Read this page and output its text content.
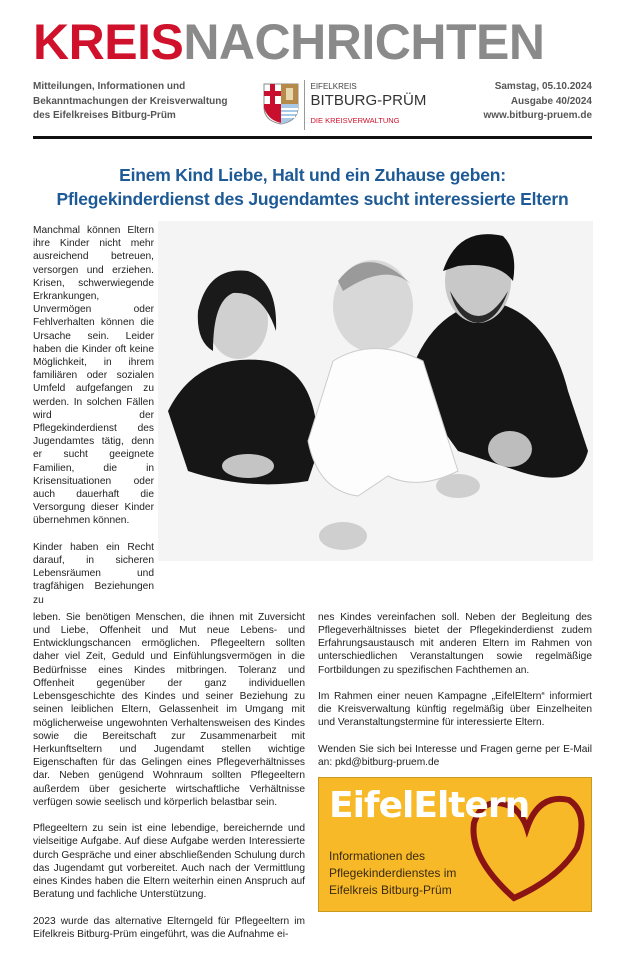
KREISNACHRICHTEN
Mitteilungen, Informationen und
Bekanntmachungen der Kreisverwaltung
des Eifelkreises Bitburg-Prüm
EIFELKREIS
BITBURG-PRÜM
DIE KREISVERWALTUNG
Samstag, 05.10.2024
Ausgabe 40/2024
www.bitburg-pruem.de
Einem Kind Liebe, Halt und ein Zuhause geben:
Pflegekinderdienst des Jugendamtes sucht interessierte Eltern

Manchmal können Eltern ihre Kinder nicht mehr ausreichend betreuen, versorgen und erziehen. Krisen, schwerwiegende Erkrankungen, Unvermögen oder Fehlverhalten können die Ursache sein. Leider haben die Kinder oft keine Möglichkeit, in ihrem familiären oder sozialen Umfeld aufgefangen zu werden. In solchen Fällen wird der Pflegekinderdienst des Jugendamtes tätig, denn er sucht geeignete Familien, die in Krisensituationen oder auch dauerhaft die Versorgung dieser Kinder übernehmen können.

Kinder haben ein Recht darauf, in sicheren Lebensräumen und tragfähigen Beziehungen zu

leben. Sie benötigen Menschen, die ihnen mit Zuversicht und Liebe, Offenheit und Mut neue Lebens- und Entwicklungschancen ermöglichen. Pflegeeltern sollten daher viel Zeit, Geduld und Einfühlungsvermögen in die Bedürfnisse eines Kindes mitbringen. Toleranz und Offenheit gegenüber der ganz individuellen Lebensgeschichte des Kindes und seiner Beziehung zu seinen leiblichen Eltern, Gelassenheit im Umgang mit möglicherweise ungewohnten Verhaltensweisen des Kindes sowie die Bereitschaft zur Zusammenarbeit mit Herkunftseltern und Jugendamt stellen wichtige Eigenschaften für das Gelingen eines Pflegeverhältnisses dar. Neben genügend Wohnraum sollten Pflegeeltern außerdem über gesicherte wirtschaftliche Verhältnisse verfügen sowie seelisch und körperlich belastbar sein.

Pflegeeltern zu sein ist eine lebendige, bereichernde und vielseitige Aufgabe. Auf diese Aufgabe werden Interessierte durch Gespräche und einer abschließenden Schulung durch das Jugendamt gut vorbereitet. Auch nach der Vermittlung eines Kindes haben die Eltern weiterhin einen Anspruch auf Beratung und fachliche Unterstützung.

2023 wurde das alternative Elterngeld für Pflegeeltern im Eifelkreis Bitburg-Prüm eingeführt, was die Aufnahme ei-

nes Kindes vereinfachen soll. Neben der Begleitung des Pflegeverhältnisses bietet der Pflegekinderdienst zudem Erfahrungsaustausch mit anderen Eltern im Rahmen von unterschiedlichen Veranstaltungen sowie regelmäßige Fortbildungen zu spezifischen Fachthemen an.

Im Rahmen einer neuen Kampagne „EifelEltern“ informiert die Kreisverwaltung künftig regelmäßig über Einzelheiten und Veranstaltungstermine für interessierte Eltern.

Wenden Sie sich bei Interesse und Fragen gerne per E-Mail an: pkd@bitburg-pruem.de

EifelEltern
Informationen des
Pflegekinderdienstes im
Eifelkreis Bitburg-Prüm
